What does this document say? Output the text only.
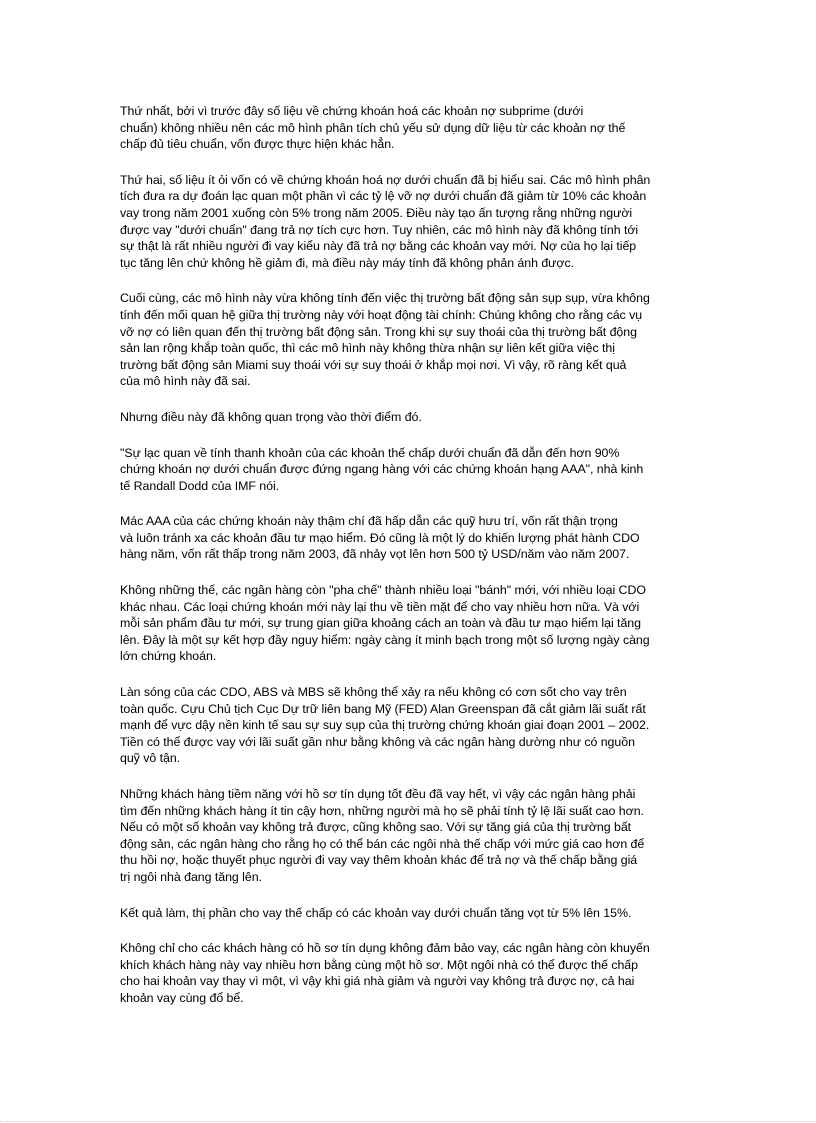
Thứ nhất, bởi vì trước đây số liệu về chứng khoán hoá các khoản nợ subprime (dưới
chuẩn) không nhiều nên các mô hình phân tích chủ yếu sử dụng dữ liệu từ các khoản nợ thế
chấp đủ tiêu chuẩn, vốn được thực hiện khác hẳn.

Thứ hai, số liệu ít ỏi vốn có về chứng khoán hoá nợ dưới chuẩn đã bị hiểu sai. Các mô hình phân
tích đưa ra dự đoán lạc quan một phần vì các tỷ lệ vỡ nợ dưới chuẩn đã giảm từ 10% các khoản
vay trong năm 2001 xuống còn 5% trong năm 2005. Điều này tạo ấn tượng rằng những người
được vay "dưới chuẩn" đang trả nợ tích cực hơn. Tuy nhiên, các mô hình này đã không tính tới
sự thật là rất nhiều người đi vay kiểu này đã trả nợ bằng các khoản vay mới. Nợ của họ lại tiếp
tục tăng lên chứ không hề giảm đi, mà điều này máy tính đã không phản ánh được.

Cuối cùng, các mô hình này vừa không tính đến việc thị trường bất động sản sụp sụp, vừa không
tính đến mối quan hệ giữa thị trường này với hoạt động tài chính: Chúng không cho rằng các vụ
vỡ nợ có liên quan đến thị trường bất động sản. Trong khi sự suy thoái của thị trường bất động
sản lan rộng khắp toàn quốc, thì các mô hình này không thừa nhận sự liên kết giữa việc thị
trường bất động sản Miami suy thoái với sự suy thoái ở khắp mọi nơi. Vì vậy, rõ ràng kết quả
của mô hình này đã sai.

Nhưng điều này đã không quan trọng vào thời điểm đó.

"Sự lạc quan về tính thanh khoản của các khoản thế chấp dưới chuẩn đã dẫn đến hơn 90%
chứng khoán nợ dưới chuẩn được đứng ngang hàng với các chứng khoán hạng AAA", nhà kinh
tế Randall Dodd của IMF nói.

Mác AAA của các chứng khoán này thậm chí đã hấp dẫn các quỹ hưu trí, vốn rất thận trọng
và luôn tránh xa các khoản đầu tư mạo hiểm. Đó cũng là một lý do khiến lượng phát hành CDO
hàng năm, vốn rất thấp trong năm 2003, đã nhảy vọt lên hơn 500 tỷ USD/năm vào năm 2007.

Không những thế, các ngân hàng còn "pha chế" thành nhiều loại "bánh" mới, với nhiều loại CDO
khác nhau. Các loại chứng khoán mới này lại thu về tiền mặt để cho vay nhiều hơn nữa. Và với
mỗi sản phẩm đầu tư mới, sự trung gian giữa khoảng cách an toàn và đầu tư mạo hiểm lại tăng
lên. Đây là một sự kết hợp đầy nguy hiểm: ngày càng ít minh bạch trong một số lượng ngày càng
lớn chứng khoán.

Làn sóng của các CDO, ABS và MBS sẽ không thể xảy ra nếu không có cơn sốt cho vay trên
toàn quốc. Cựu Chủ tịch Cục Dự trữ liên bang Mỹ (FED) Alan Greenspan đã cắt giảm lãi suất rất
mạnh để vực dậy nền kinh tế sau sự suy sụp của thị trường chứng khoán giai đoạn 2001 – 2002.
Tiền có thể được vay với lãi suất gần như bằng không và các ngân hàng dường như có nguồn
quỹ vô tận.

Những khách hàng tiềm năng với hồ sơ tín dụng tốt đều đã vay hết, vì vậy các ngân hàng phải
tìm đến những khách hàng ít tin cậy hơn, những người mà họ sẽ phải tính tỷ lệ lãi suất cao hơn.
Nếu có một số khoản vay không trả được, cũng không sao. Với sự tăng giá của thị trường bất
động sản, các ngân hàng cho rằng họ có thể bán các ngôi nhà thế chấp với mức giá cao hơn để
thu hồi nợ, hoặc thuyết phục người đi vay vay thêm khoản khác để trả nợ và thế chấp bằng giá
trị ngôi nhà đang tăng lên.

Kết quả làm, thị phần cho vay thế chấp có các khoản vay dưới chuẩn tăng vọt từ 5% lên 15%.

Không chỉ cho các khách hàng có hồ sơ tín dụng không đảm bảo vay, các ngân hàng còn khuyến
khích khách hàng này vay nhiều hơn bằng cùng một hồ sơ. Một ngôi nhà có thể được thế chấp
cho hai khoản vay thay vì một, vì vậy khi giá nhà giảm và người vay không trả được nợ, cả hai
khoản vay cùng đổ bể.
